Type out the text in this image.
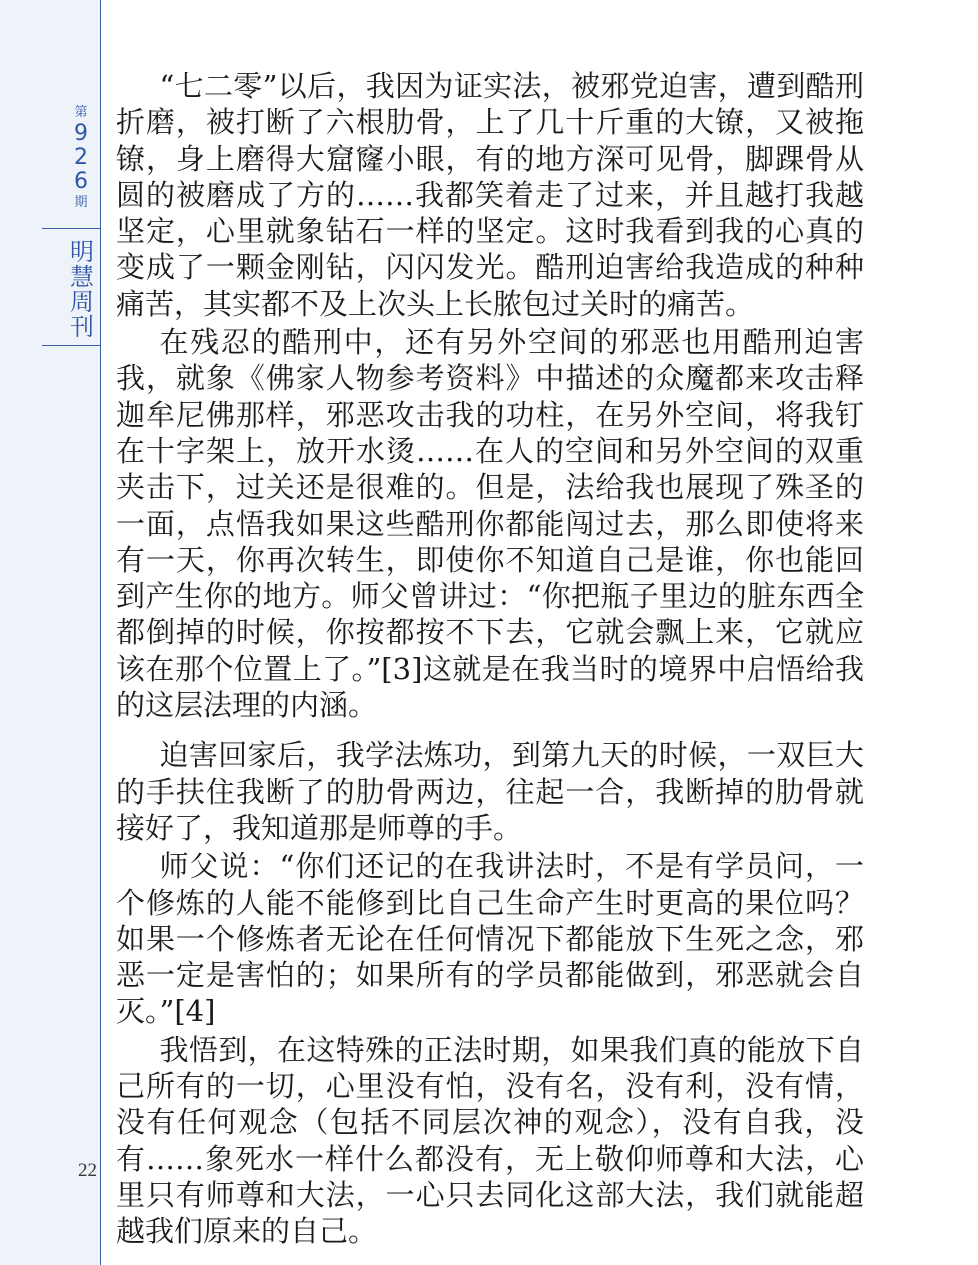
第
9
2
6
期
明
慧
周
刊
22

“七二零”以后，我因为证实法，被邪党迫害，遭到酷刑折磨，被打断了六根肋骨，上了几十斤重的大镣，又被拖镣，身上磨得大窟窿小眼，有的地方深可见骨，脚踝骨从圆的被磨成了方的……我都笑着走了过来，并且越打我越坚定，心里就象钻石一样的坚定。这时我看到我的心真的变成了一颗金刚钻，闪闪发光。酷刑迫害给我造成的种种痛苦，其实都不及上次头上长脓包过关时的痛苦。

在残忍的酷刑中，还有另外空间的邪恶也用酷刑迫害我，就象《佛家人物参考资料》中描述的众魔都来攻击释迦牟尼佛那样，邪恶攻击我的功柱，在另外空间，将我钉在十字架上，放开水烫……在人的空间和另外空间的双重夹击下，过关还是很难的。但是，法给我也展现了殊圣的一面，点悟我如果这些酷刑你都能闯过去，那么即使将来有一天，你再次转生，即使你不知道自己是谁，你也能回到产生你的地方。师父曾讲过：“你把瓶子里边的脏东西全都倒掉的时候，你按都按不下去，它就会飘上来，它就应该在那个位置上了。”[3]这就是在我当时的境界中启悟给我的这层法理的内涵。

迫害回家后，我学法炼功，到第九天的时候，一双巨大的手扶住我断了的肋骨两边，往起一合，我断掉的肋骨就接好了，我知道那是师尊的手。

师父说：“你们还记的在我讲法时，不是有学员问，一个修炼的人能不能修到比自己生命产生时更高的果位吗？如果一个修炼者无论在任何情况下都能放下生死之念，邪恶一定是害怕的；如果所有的学员都能做到，邪恶就会自灭。”[4]

我悟到，在这特殊的正法时期，如果我们真的能放下自己所有的一切，心里没有怕，没有名，没有利，没有情，没有任何观念（包括不同层次神的观念），没有自我，没有……象死水一样什么都没有，无上敬仰师尊和大法，心里只有师尊和大法，一心只去同化这部大法，我们就能超越我们原来的自己。
